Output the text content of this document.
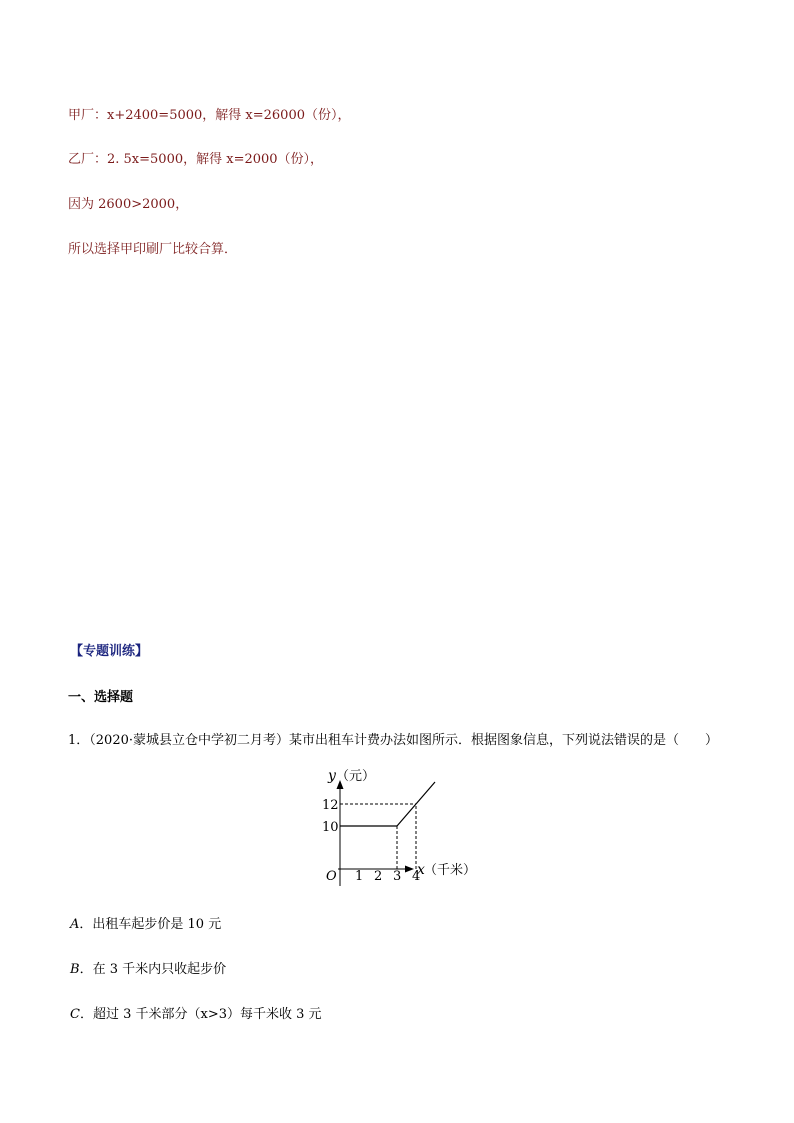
甲厂：x+2400=5000，解得 x=26000（份），
乙厂：2. 5x=5000，解得 x=2000（份），
因为 2600>2000，
所以选择甲印刷厂比较合算．
【专题训练】
一、选择题
1．（2020·蒙城县立仓中学初二月考）某市出租车计费办法如图所示．根据图象信息，下列说法错误的是（　　）
y （元）
x （千米）
O 1 2 3 4
10
12
A．出租车起步价是 10 元
B．在 3 千米内只收起步价
C．超过 3 千米部分（x>3）每千米收 3 元
